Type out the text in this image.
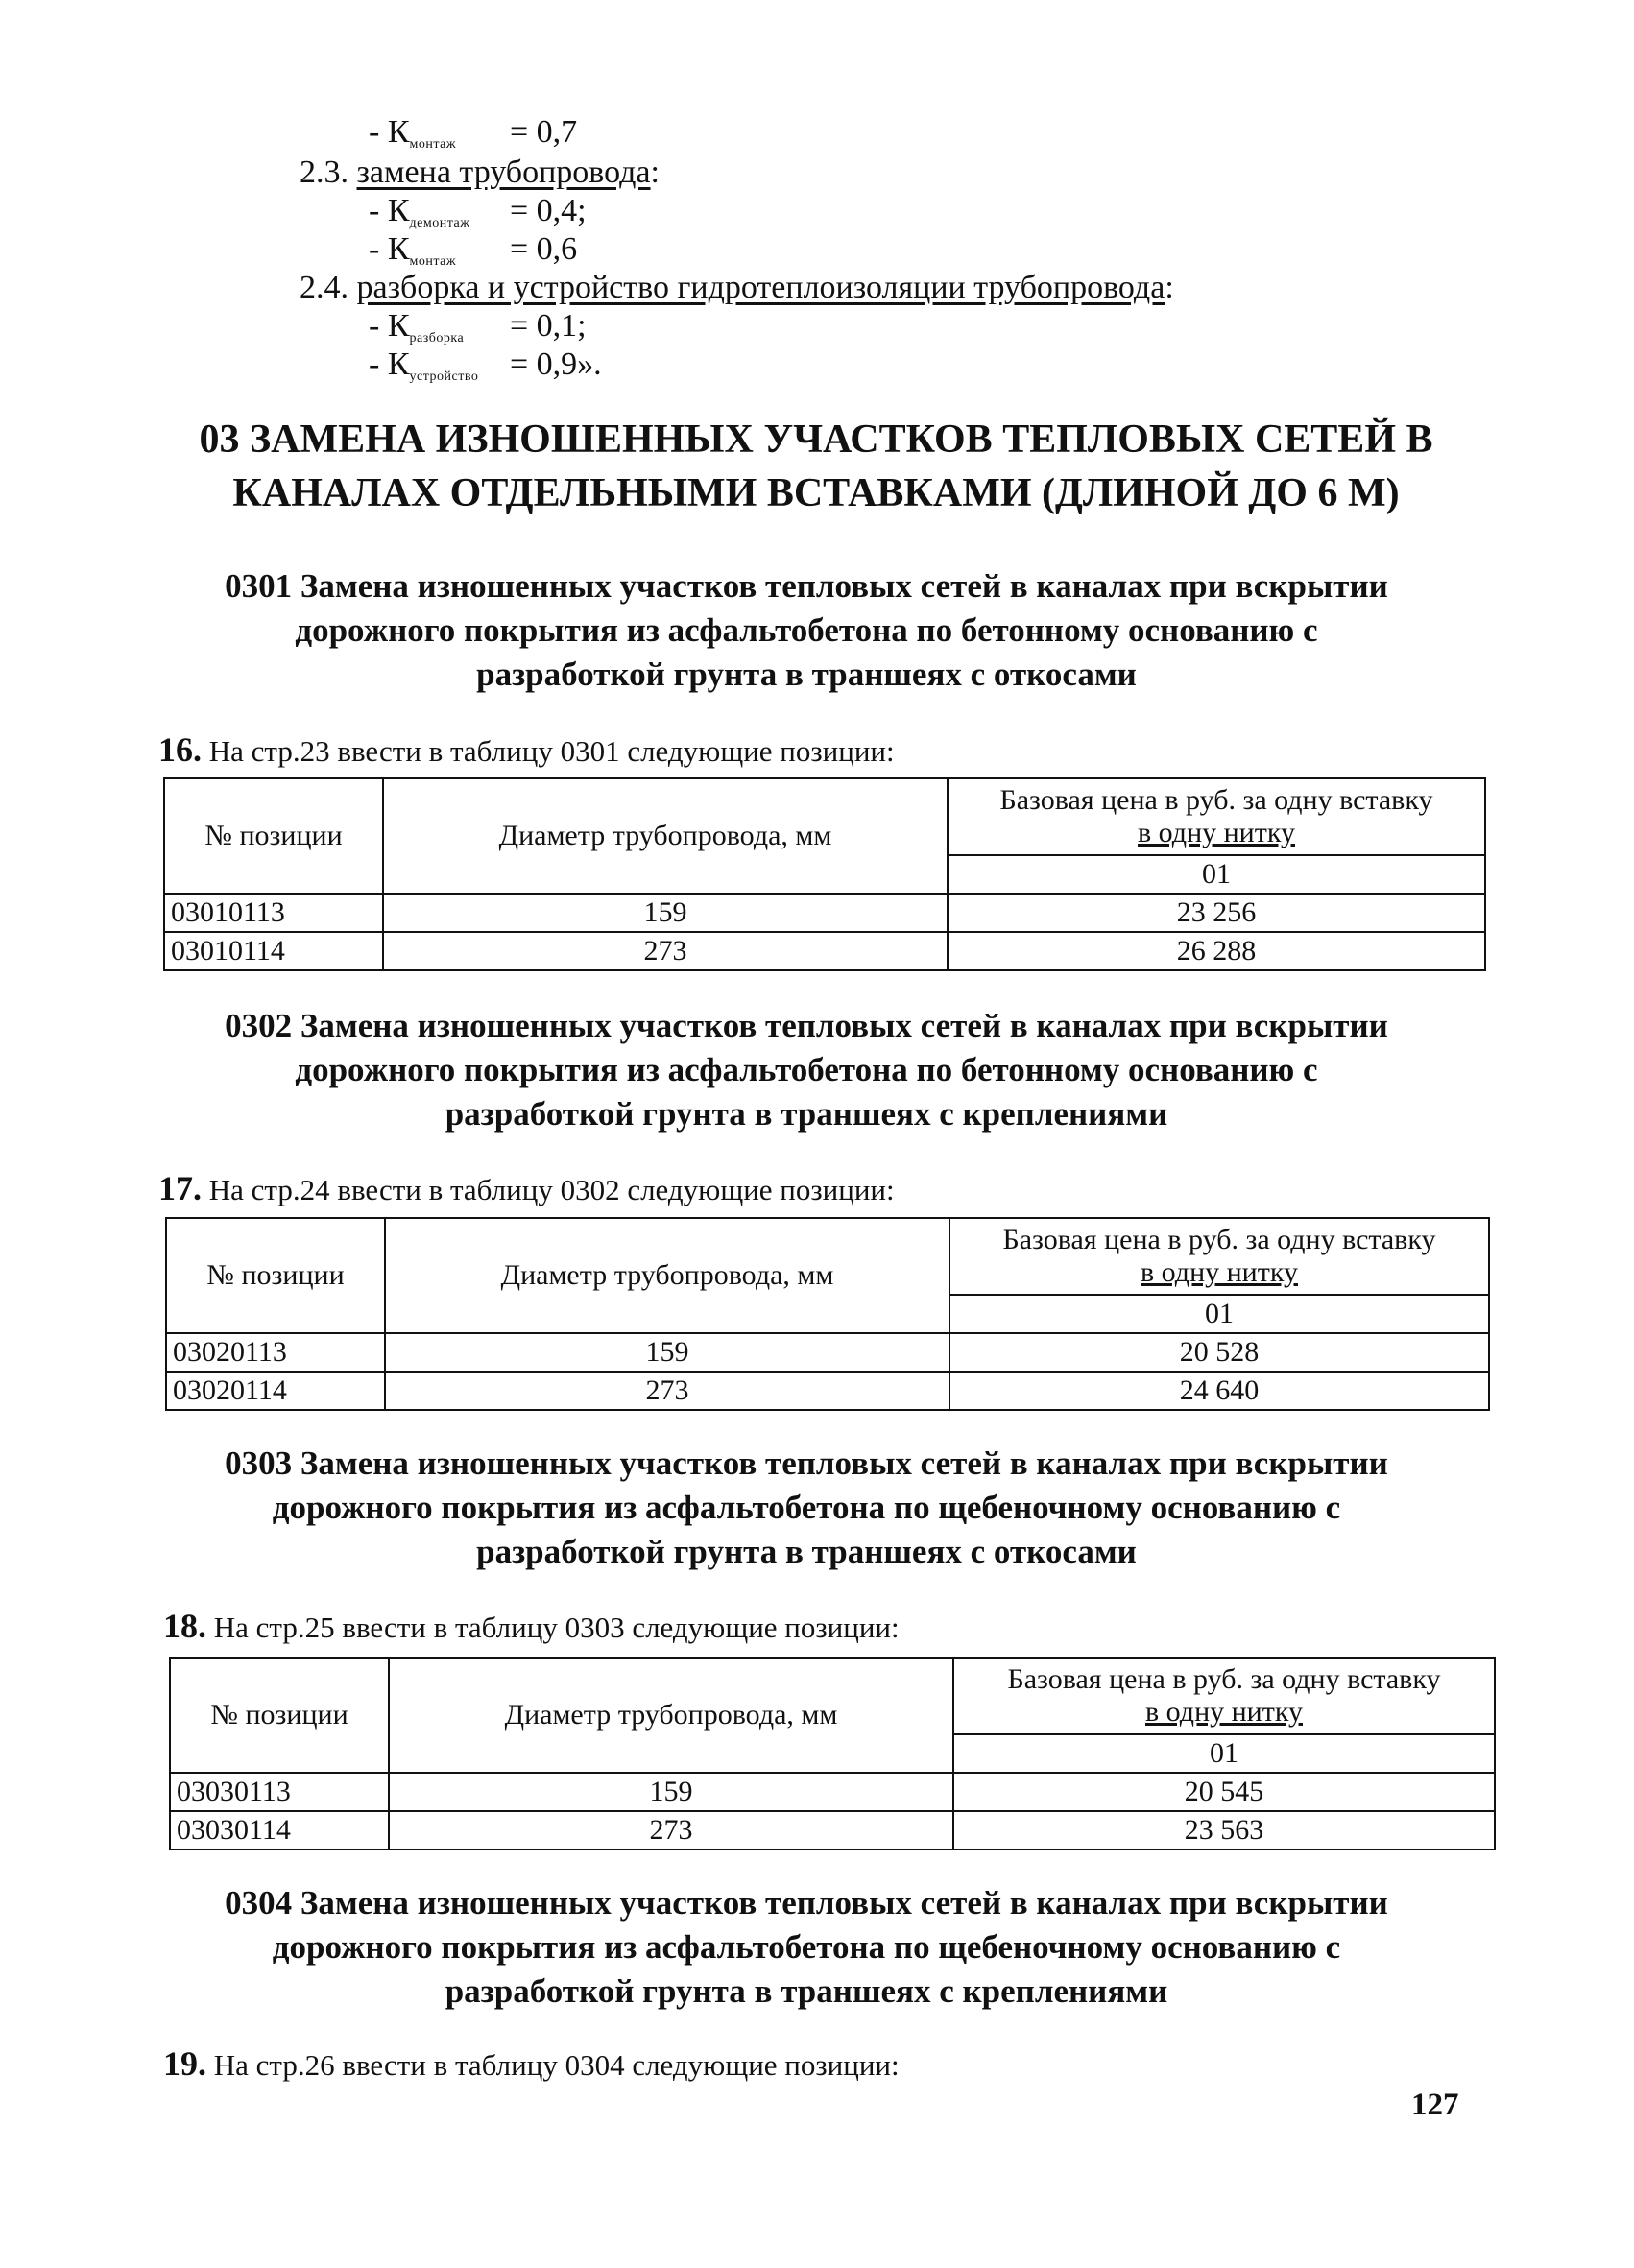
- Кмонтаж = 0,7
2.3. замена трубопровода:
- Кдемонтаж = 0,4;
- Кмонтаж = 0,6
2.4. разборка и устройство гидротеплоизоляции трубопровода:
- Кразборка = 0,1;
- Кустройство = 0,9».
03 ЗАМЕНА ИЗНОШЕННЫХ УЧАСТКОВ ТЕПЛОВЫХ СЕТЕЙ В
КАНАЛАХ ОТДЕЛЬНЫМИ ВСТАВКАМИ (ДЛИНОЙ ДО 6 М)
0301 Замена изношенных участков тепловых сетей в каналах при вскрытии
дорожного покрытия из асфальтобетона по бетонному основанию с
разработкой грунта в траншеях с откосами
16. На стр.23 ввести в таблицу 0301 следующие позиции:
№ позиции	Диаметр трубопровода, мм	Базовая цена в руб. за одну вставку
в одну нитку

		01
03010113	159	23 256
03010114	273	26 288
0302 Замена изношенных участков тепловых сетей в каналах при вскрытии
дорожного покрытия из асфальтобетона по бетонному основанию с
разработкой грунта в траншеях с креплениями
17. На стр.24 ввести в таблицу 0302 следующие позиции:
№ позиции	Диаметр трубопровода, мм	Базовая цена в руб. за одну вставку
в одну нитку

		01
03020113	159	20 528
03020114	273	24 640
0303 Замена изношенных участков тепловых сетей в каналах при вскрытии
дорожного покрытия из асфальтобетона по щебеночному основанию с
разработкой грунта в траншеях с откосами
18. На стр.25 ввести в таблицу 0303 следующие позиции:
№ позиции	Диаметр трубопровода, мм	Базовая цена в руб. за одну вставку
в одну нитку

		01
03030113	159	20 545
03030114	273	23 563
0304 Замена изношенных участков тепловых сетей в каналах при вскрытии
дорожного покрытия из асфальтобетона по щебеночному основанию с
разработкой грунта в траншеях с креплениями
19. На стр.26 ввести в таблицу 0304 следующие позиции:
127
